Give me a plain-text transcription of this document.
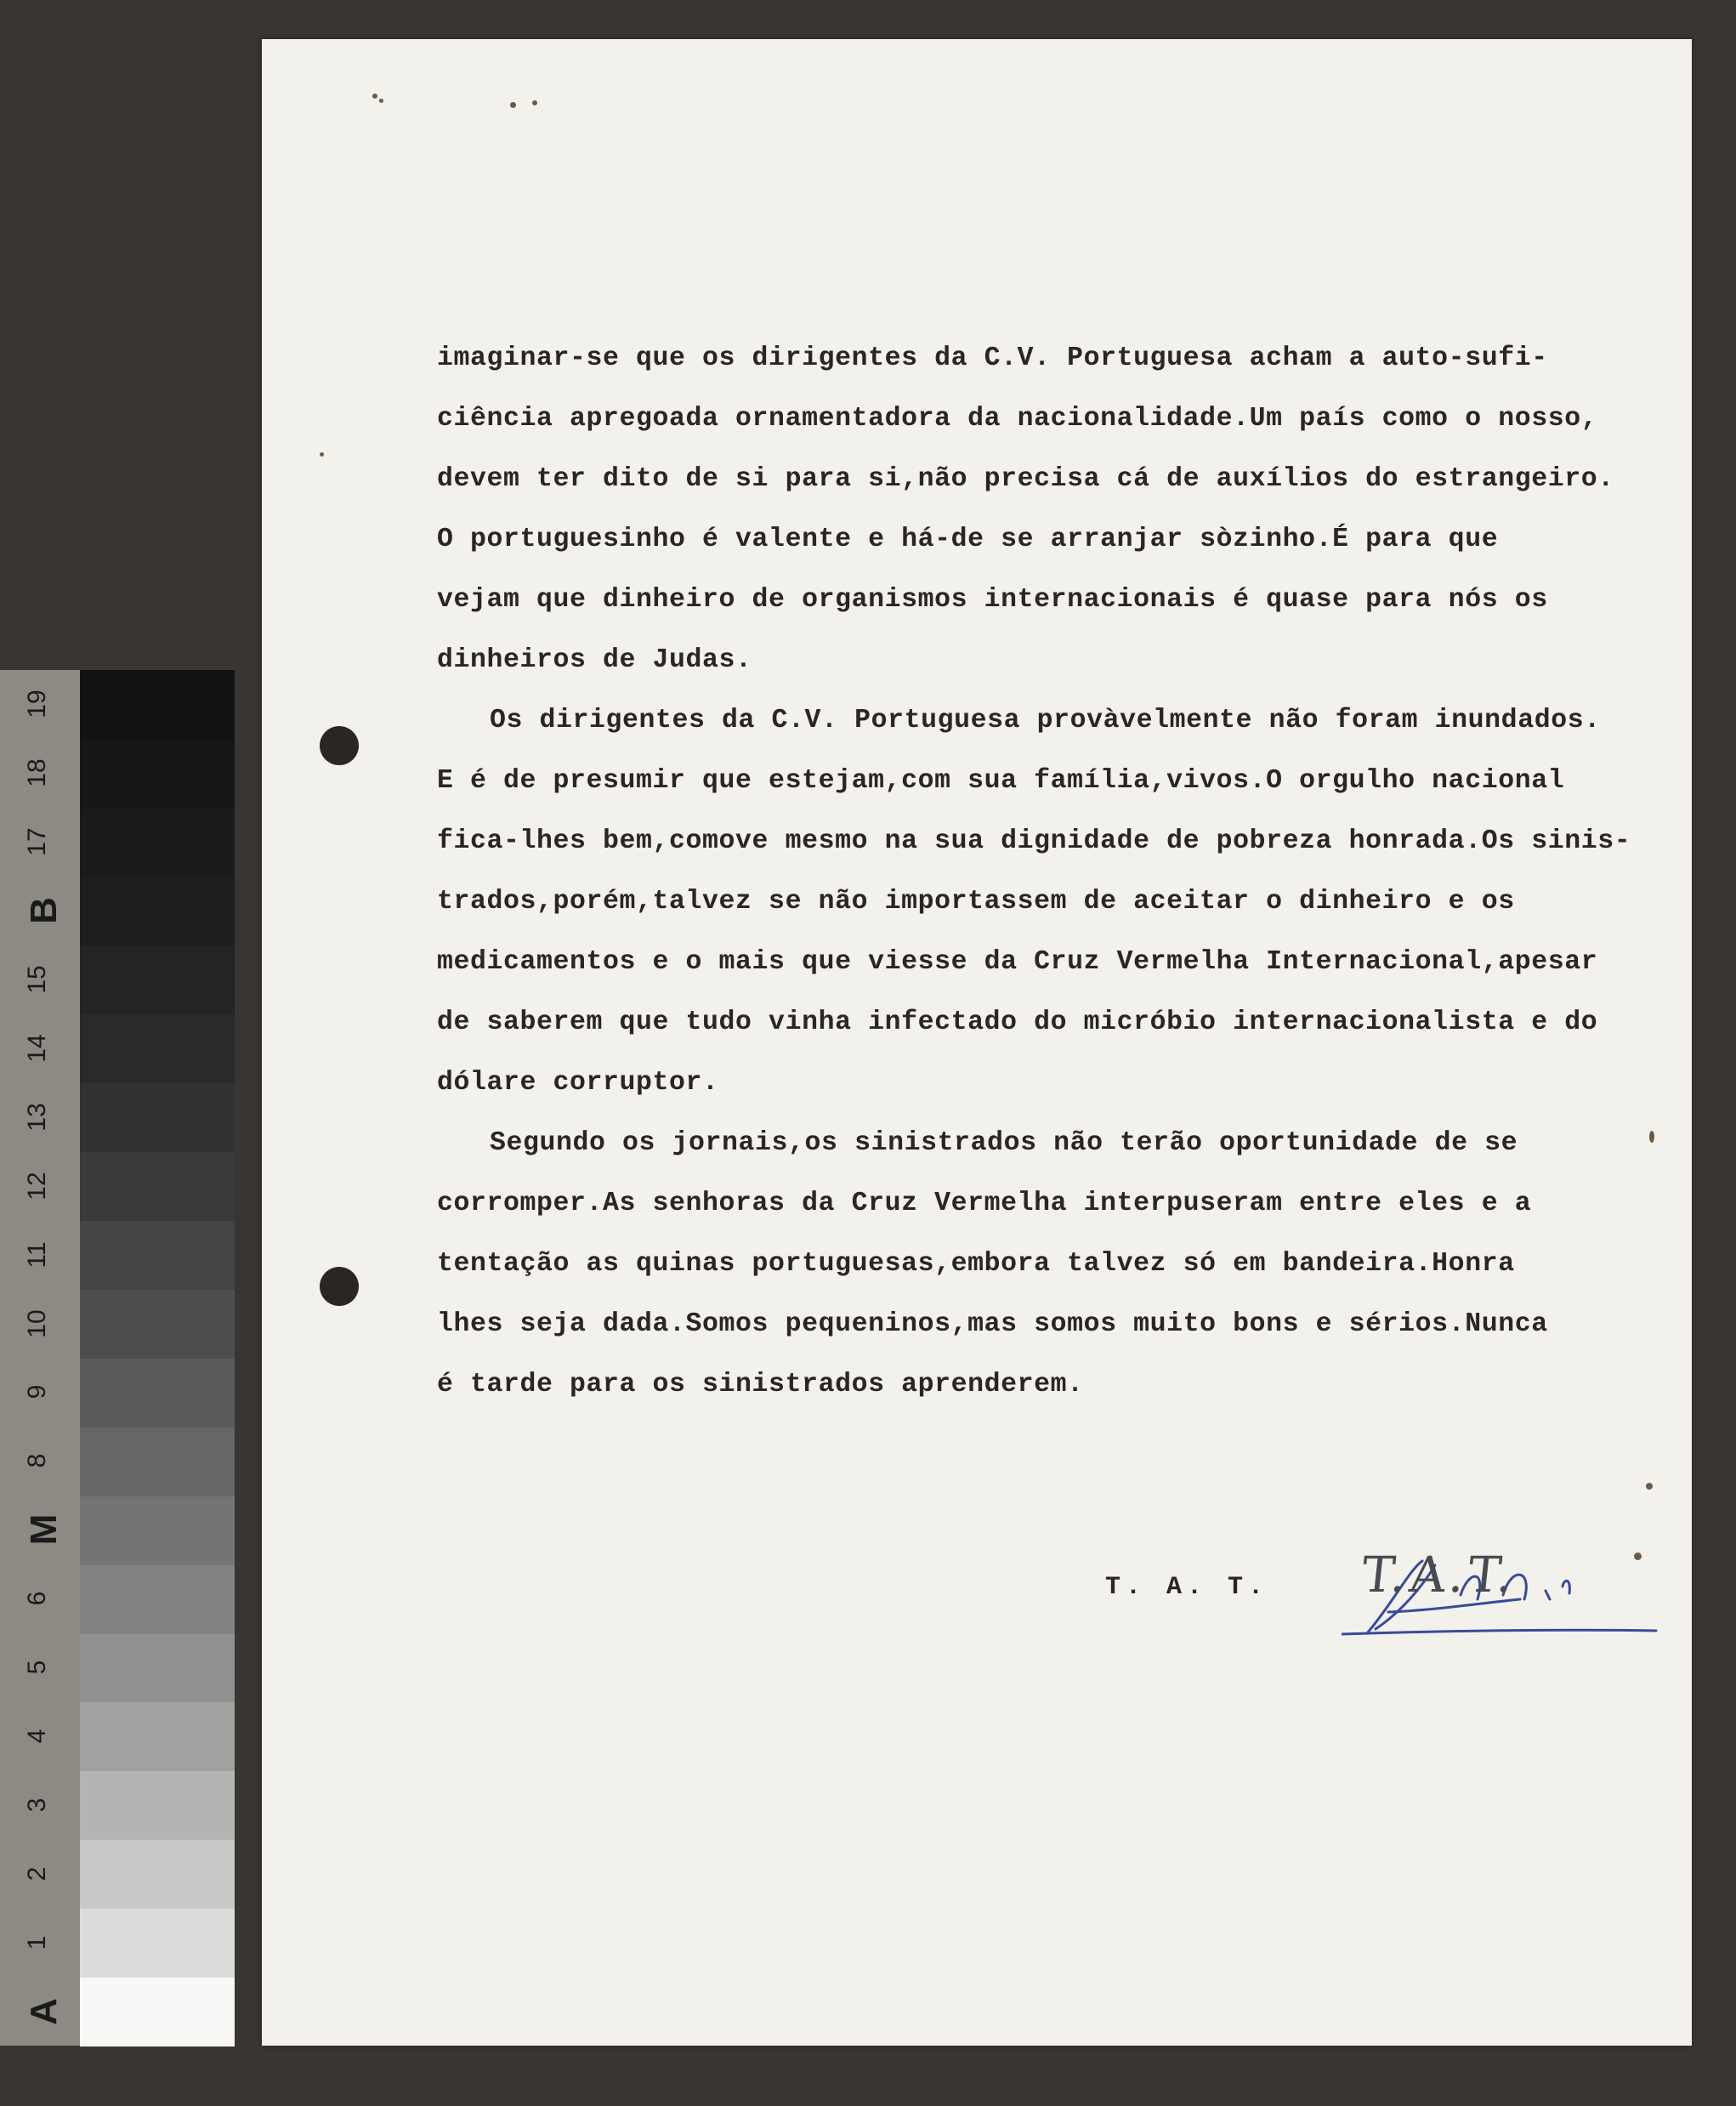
imaginar-se que os dirigentes da C.V. Portuguesa acham a auto-sufi-
ciência apregoada ornamentadora da nacionalidade.Um país como o nosso,
devem ter dito de si para si,não precisa cá de auxílios do estrangeiro.
O portuguesinho é valente e há-de se arranjar sòzinho.É para que
vejam que dinheiro de organismos internacionais é quase para nós os
dinheiros de Judas.
Os dirigentes da C.V. Portuguesa provàvelmente não foram inundados.
E é de presumir que estejam,com sua família,vivos.O orgulho nacional
fica-lhes bem,comove mesmo na sua dignidade de pobreza honrada.Os sinis-
trados,porém,talvez se não importassem de aceitar o dinheiro e os
medicamentos e o mais que viesse da Cruz Vermelha Internacional,apesar
de saberem que tudo vinha infectado do micróbio internacionalista e do
dólare corruptor.
Segundo os jornais,os sinistrados não terão oportunidade de se
corromper.As senhoras da Cruz Vermelha interpuseram entre eles e a
tentação as quinas portuguesas,embora talvez só em bandeira.Honra
lhes seja dada.Somos pequeninos,mas somos muito bons e sérios.Nunca
é tarde para os sinistrados aprenderem.
T. A. T. T.A.T.
A
1
2
3
4
5
6
M
8
9
10
11
12
13
14
15
B
17
18
19
